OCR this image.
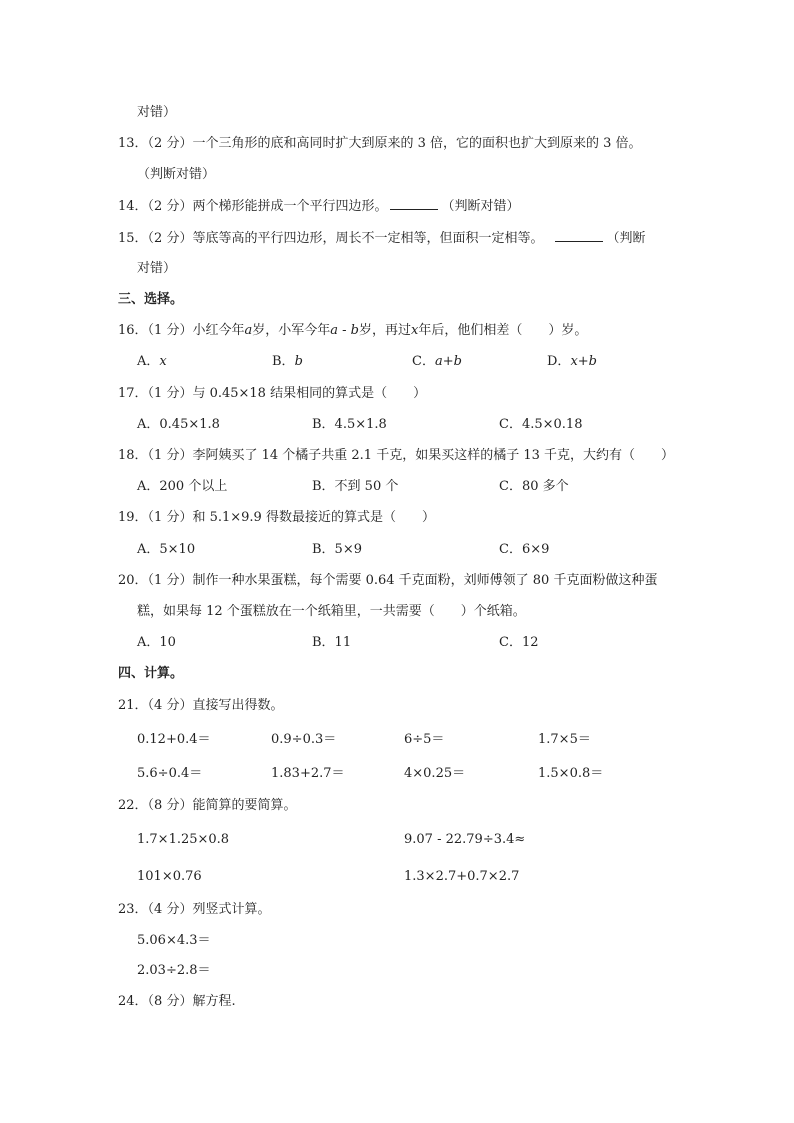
对错）
13．（2 分）一个三角形的底和高同时扩大到原来的 3 倍，它的面积也扩大到原来的 3 倍。
（判断对错）
14．（2 分）两个梯形能拼成一个平行四边形。	（判断对错）
15．（2 分）等底等高的平行四边形，周长不一定相等，但面积一定相等。	（判断
对错）
三、选择。
16．（1 分）小红今年a岁，小军今年a - b岁，再过x年后，他们相差（　　）岁。
A．x	B．b	C．a+b	D．x+b
17．（1 分）与 0.45×18 结果相同的算式是（　　）
A．0.45×1.8	B．4.5×1.8	C．4.5×0.18
18．（1 分）李阿姨买了 14 个橘子共重 2.1 千克，如果买这样的橘子 13 千克，大约有（　　）
A．200 个以上	B．不到 50 个	C．80 多个
19．（1 分）和 5.1×9.9 得数最接近的算式是（　　）
A．5×10	B．5×9	C．6×9
20．（1 分）制作一种水果蛋糕，每个需要 0.64 千克面粉，刘师傅领了 80 千克面粉做这种蛋
糕，如果每 12 个蛋糕放在一个纸箱里，一共需要（　　）个纸箱。
A．10	B．11	C．12
四、计算。
21．（4 分）直接写出得数。
0.12+0.4＝	0.9÷0.3＝	6÷5＝	1.7×5＝
5.6÷0.4＝	1.83+2.7＝	4×0.25＝	1.5×0.8＝
22．（8 分）能简算的要简算。
1.7×1.25×0.8	9.07 - 22.79÷3.4≈
101×0.76	1.3×2.7+0.7×2.7
23．（4 分）列竖式计算。
5.06×4.3＝
2.03÷2.8＝
24．（8 分）解方程.
